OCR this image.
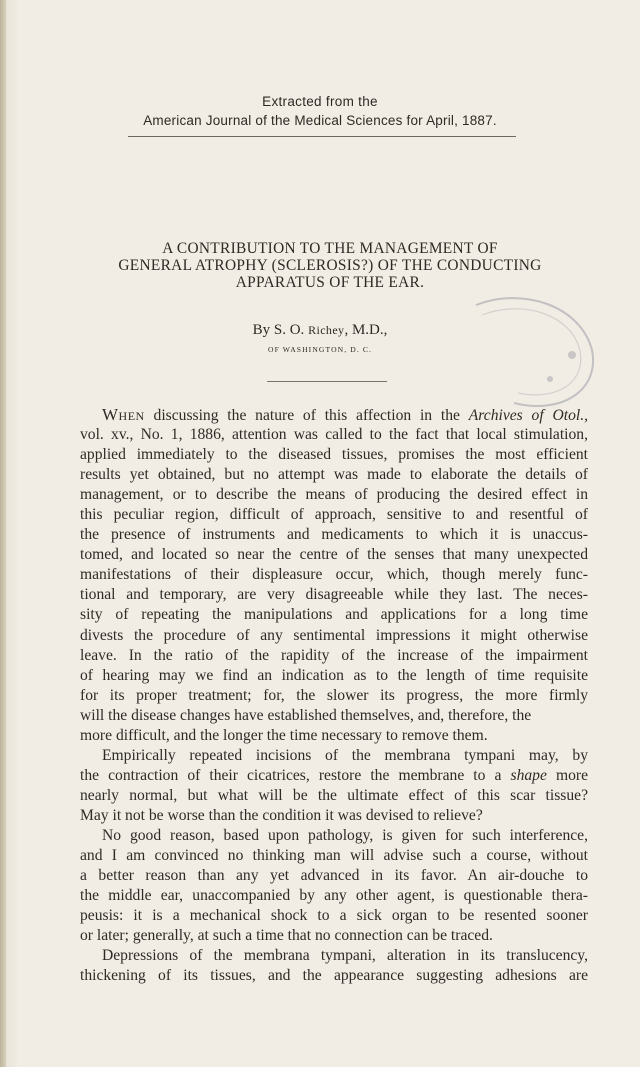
Extracted from the
American Journal of the Medical Sciences for April, 1887.
A CONTRIBUTION TO THE MANAGEMENT OF
GENERAL ATROPHY (SCLEROSIS?) OF THE CONDUCTING
APPARATUS OF THE EAR.
By S. O. Richey, M.D.,
OF WASHINGTON, D. C.

When discussing the nature of this affection in the Archives of Otol.,
vol. xv., No. 1, 1886, attention was called to the fact that local stimulation,
applied immediately to the diseased tissues, promises the most efficient
results yet obtained, but no attempt was made to elaborate the details of
management, or to describe the means of producing the desired effect in
this peculiar region, difficult of approach, sensitive to and resentful of
the presence of instruments and medicaments to which it is unaccus-
tomed, and located so near the centre of the senses that many unexpected
manifestations of their displeasure occur, which, though merely func-
tional and temporary, are very disagreeable while they last. The neces-
sity of repeating the manipulations and applications for a long time
divests the procedure of any sentimental impressions it might otherwise
leave. In the ratio of the rapidity of the increase of the impairment
of hearing may we find an indication as to the length of time requisite
for its proper treatment; for, the slower its progress, the more firmly
will the disease changes have established themselves, and, therefore, the
more difficult, and the longer the time necessary to remove them.

Empirically repeated incisions of the membrana tympani may, by
the contraction of their cicatrices, restore the membrane to a shape more
nearly normal, but what will be the ultimate effect of this scar tissue?
May it not be worse than the condition it was devised to relieve?

No good reason, based upon pathology, is given for such interference,
and I am convinced no thinking man will advise such a course, without
a better reason than any yet advanced in its favor. An air-douche to
the middle ear, unaccompanied by any other agent, is questionable thera-
peusis: it is a mechanical shock to a sick organ to be resented sooner
or later; generally, at such a time that no connection can be traced.

Depressions of the membrana tympani, alteration in its translucency,
thickening of its tissues, and the appearance suggesting adhesions are
